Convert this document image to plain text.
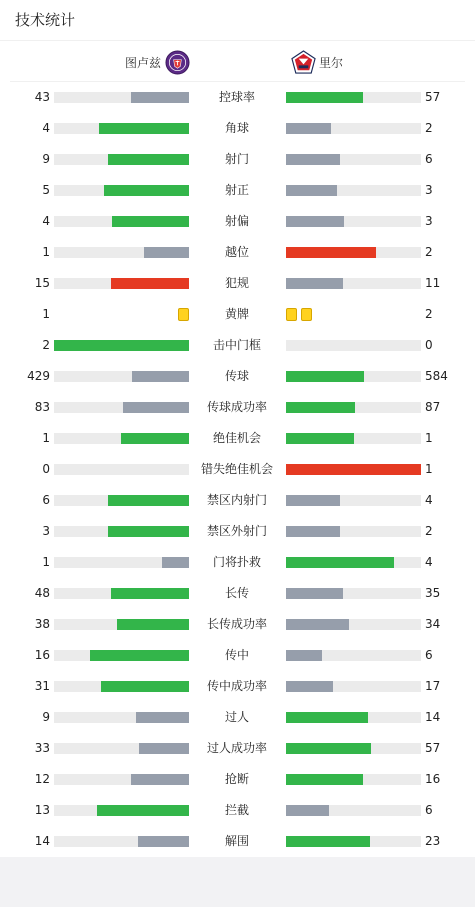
技术统计
图卢兹	里尔
43	控球率	57
4	角球	2
9	射门	6
5	射正	3
4	射偏	3
1	越位	2
15	犯规	11
1	黄牌	2
2	击中门框	0
429	传球	584
83	传球成功率	87
1	绝佳机会	1
0	错失绝佳机会	1
6	禁区内射门	4
3	禁区外射门	2
1	门将扑救	4
48	长传	35
38	长传成功率	34
16	传中	6
31	传中成功率	17
9	过人	14
33	过人成功率	57
12	抢断	16
13	拦截	6
14	解围	23
